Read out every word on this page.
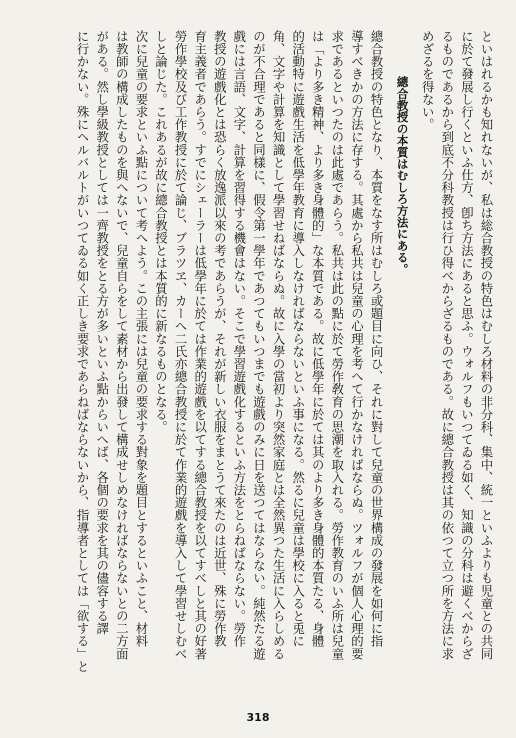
といはれるかも知れないが、私は総合教授の特色はむしろ材料の非分科、集中、統一といふよりも児童との共同

に於て發展し行くといふ仕方、卽ち方法にあると思ふ。ウォルフもいつてゐる如く、知識の分科は避くべからざ

るものであるから到底不分科教授は行ひ得べからざるものである。故に總合教授は其の依つて立つ所を方法に求

めざるを得ない。

總合教授の本質はむしろ方法にある。

總合教授の特色となり、本質をなす所はむしろ或題目に向ひ、それに對して兒童の世界構成の發展を如何に指

導すべきかの方法に存する。其處から私共は兒童の心理を考へて行かなければならぬ。ツォルフが個人心理的要

求であるといつたのは此處であらう。私共は此の點に於て勞作敎育の思潮を取入れる。勞作教育のいふ所は兒童

は「より多き精神、より多き身體的」な本質である。故に低學年に於ては其のより多き身體的本質たる、身體

的活動特に遊戲生活を低學年教育に導入しなければならないといふ事になる。然るに兒童は學校に入ると兎に

角、文字や計算を知識として學習せねばならぬ。故に入學の當初より突然家庭とは全然異つた生活に入らしめる

のが不合理であると同樣に、假令第一學年であつてもいつまでも遊戲のみに日を送つてはならない。純然たる遊

戲には言語、文字、計算を習得する機會はない。そこで學習遊戲化するといふ方法をとらねばならない。勞作

教授の遊戲化とは恐らく放逸派以來の考であらうが、それが新しい衣服をまとうて來たのは近世、殊に勞作教

育主義者であらう。すでにシェーラーは低學年に於ては作業的遊戲を以てする總合教授を以てすべしと其の好著

勞作學校及び工作教授に於て論じ、ブラツヱ、カーへ二氏亦總合教授に於て作業的遊戲を導入して學習せしむべ

しと論じた。これあるが故に總合教授とは本質的に新なるものとなる。

次に兒童の要求といふ點について考へよう。この主張には兒童の要求する對象を題目とするといふこと、材料

は教師の構成したものを與へないで、兒童自らをして素材から出發して構成せしめなければならないとの二方面

がある。然し學級教授としては一齊教授をとる方が多いといふ點からいへば、各個の要求を其の儘容する譯

に行かない。殊にヘルバルトがいつてゐる如く正しき要求であらねばならないから、指導者としては「欲する」と

318
